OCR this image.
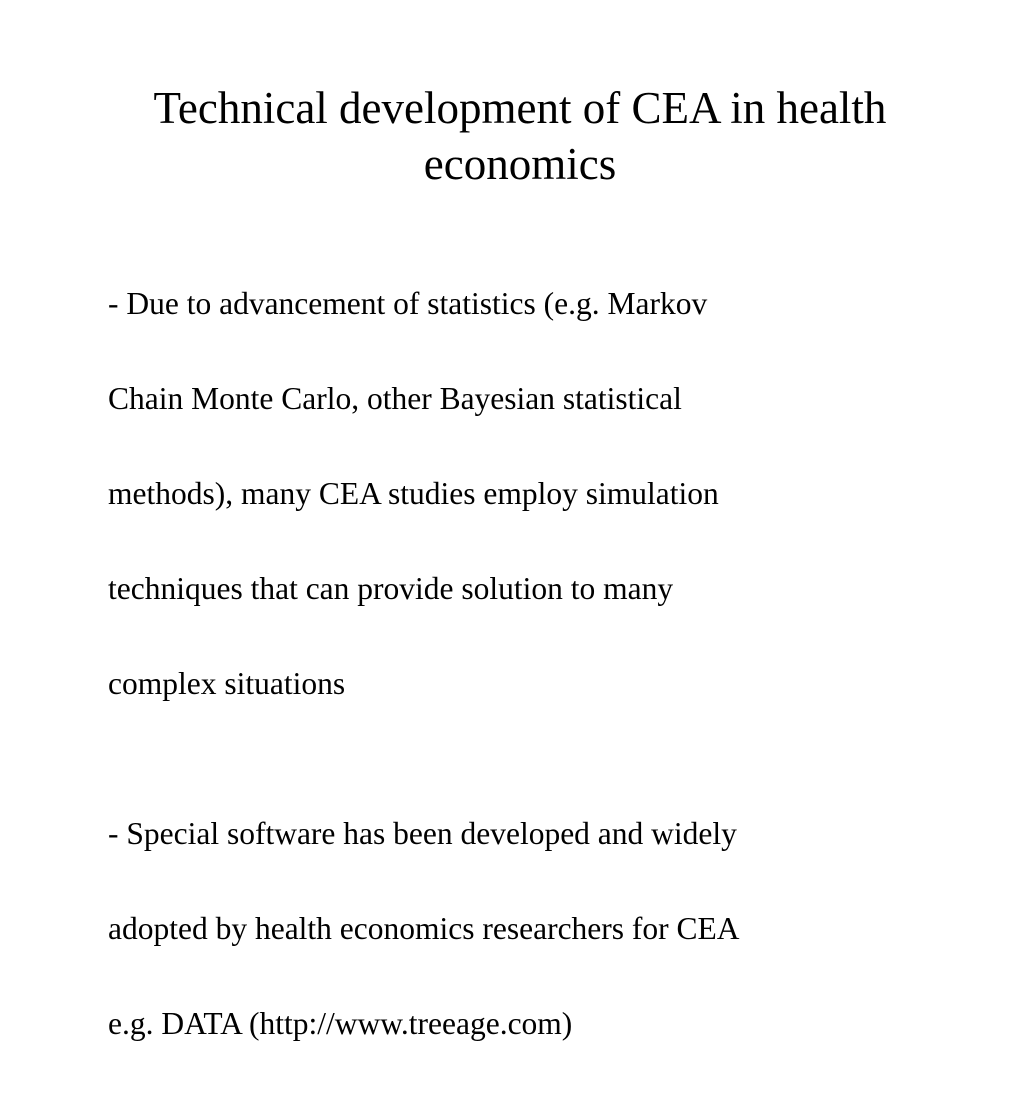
Technical development of CEA in health
economics

- Due to advancement of statistics (e.g. Markov

Chain Monte Carlo, other Bayesian statistical

methods), many CEA studies employ simulation

techniques that can provide solution to many

complex situations

- Special software has been developed and widely

adopted by health economics researchers for CEA

e.g. DATA (http://www.treeage.com)
